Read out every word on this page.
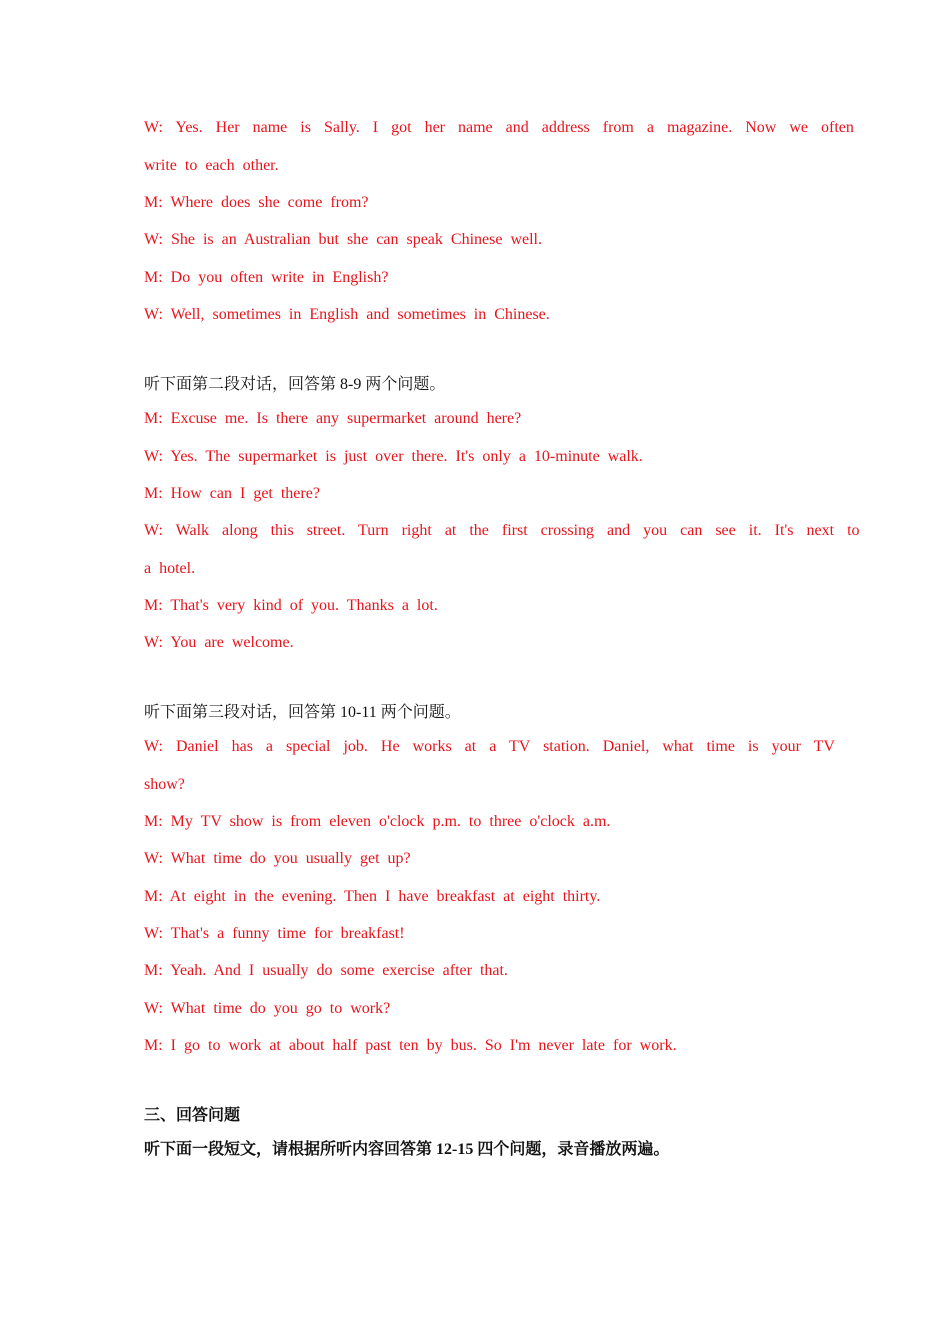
W: Yes. Her name is Sally. I got her name and address from a magazine. Now we often
write to each other.
M: Where does she come from?
W: She is an Australian but she can speak Chinese well.
M: Do you often write in English?
W: Well, sometimes in English and sometimes in Chinese.
听下面第二段对话，回答第 8-9 两个问题。
M: Excuse me. Is there any supermarket around here?
W: Yes. The supermarket is just over there. It's only a 10-minute walk.
M: How can I get there?
W: Walk along this street. Turn right at the first crossing and you can see it. It's next to
a hotel.
M: That's very kind of you. Thanks a lot.
W: You are welcome.
听下面第三段对话，回答第 10-11 两个问题。
W: Daniel has a special job. He works at a TV station. Daniel, what time is your TV
show?
M: My TV show is from eleven o'clock p.m. to three o'clock a.m.
W: What time do you usually get up?
M: At eight in the evening. Then I have breakfast at eight thirty.
W: That's a funny time for breakfast!
M: Yeah. And I usually do some exercise after that.
W: What time do you go to work?
M: I go to work at about half past ten by bus. So I'm never late for work.
三、回答问题
听下面一段短文，请根据所听内容回答第 12-15 四个问题，录音播放两遍。
